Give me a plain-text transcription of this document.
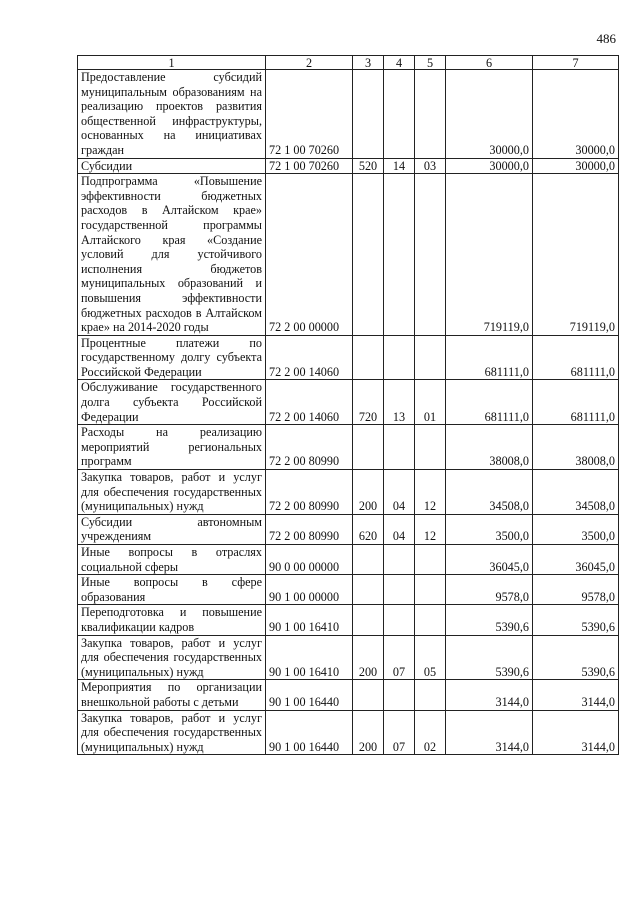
486
1	2	3	4	5	6	7
Предоставление субсидий муниципальным образованиям на реализацию проектов развития общественной инфраструктуры, основанных на инициативах граждан	72 1 00 70260				30000,0	30000,0
Субсидии	72 1 00 70260	520	14	03	30000,0	30000,0
Подпрограмма «Повышение эффективности бюджетных расходов в Алтайском крае» государственной программы Алтайского края «Создание условий для устойчивого исполнения бюджетов муниципальных образований и повышения эффективности бюджетных расходов в Алтайском крае» на 2014-2020 годы	72 2 00 00000				719119,0	719119,0
Процентные платежи по государственному долгу субъекта Российской Федерации	72 2 00 14060				681111,0	681111,0
Обслуживание государственного долга субъекта Российской Федерации	72 2 00 14060	720	13	01	681111,0	681111,0
Расходы на реализацию мероприятий региональных программ	72 2 00 80990				38008,0	38008,0
Закупка товаров, работ и услуг для обеспечения государственных (муниципальных) нужд	72 2 00 80990	200	04	12	34508,0	34508,0
Субсидии автономным учреждениям	72 2 00 80990	620	04	12	3500,0	3500,0
Иные вопросы в отраслях социальной сферы	90 0 00 00000				36045,0	36045,0
Иные вопросы в сфере образования	90 1 00 00000				9578,0	9578,0
Переподготовка и повышение квалификации кадров	90 1 00 16410				5390,6	5390,6
Закупка товаров, работ и услуг для обеспечения государственных (муниципальных) нужд	90 1 00 16410	200	07	05	5390,6	5390,6
Мероприятия по организации внешкольной работы с детьми	90 1 00 16440				3144,0	3144,0
Закупка товаров, работ и услуг для обеспечения государственных (муниципальных) нужд	90 1 00 16440	200	07	02	3144,0	3144,0
